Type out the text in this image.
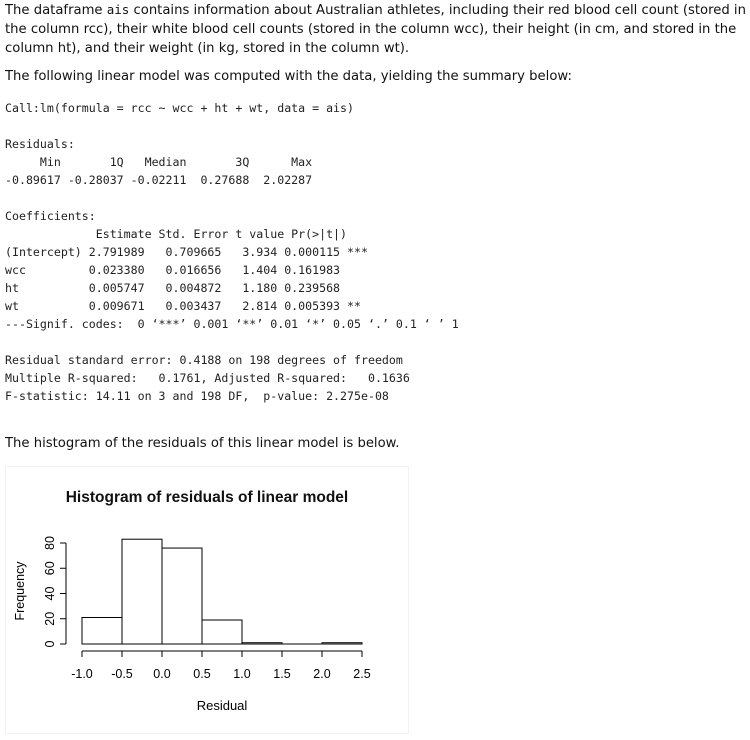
The dataframe ais contains information about Australian athletes, including their red blood cell count (stored in the column rcc), their white blood cell counts (stored in the column wcc), their height (in cm, and stored in the column ht), and their weight (in kg, stored in the column wt).

The following linear model was computed with the data, yielding the summary below:

Call:lm(formula = rcc ~ wcc + ht + wt, data = ais)
Residuals:
Min       1Q   Median       3Q      Max
-0.89617 -0.28037 -0.02211  0.27688  2.02287
Coefficients:
Estimate Std. Error t value Pr(>|t|)
(Intercept) 2.791989   0.709665   3.934 0.000115 ***
wcc         0.023380   0.016656   1.404 0.161983
ht          0.005747   0.004872   1.180 0.239568
wt          0.009671   0.003437   2.814 0.005393 **
---Signif. codes:  0 ‘***’ 0.001 ‘**’ 0.01 ‘*’ 0.05 ‘.’ 0.1 ‘ ’ 1
Residual standard error: 0.4188 on 198 degrees of freedom
Multiple R-squared:   0.1761, Adjusted R-squared:   0.1636
F-statistic: 14.11 on 3 and 198 DF,  p-value: 2.275e-08

The histogram of the residuals of this linear model is below.

Histogram of residuals of linear model
-1.0 -0.5 0.0 0.5 1.0 1.5 2.0 2.5
0
20
40
60
80
Residual
Frequency
